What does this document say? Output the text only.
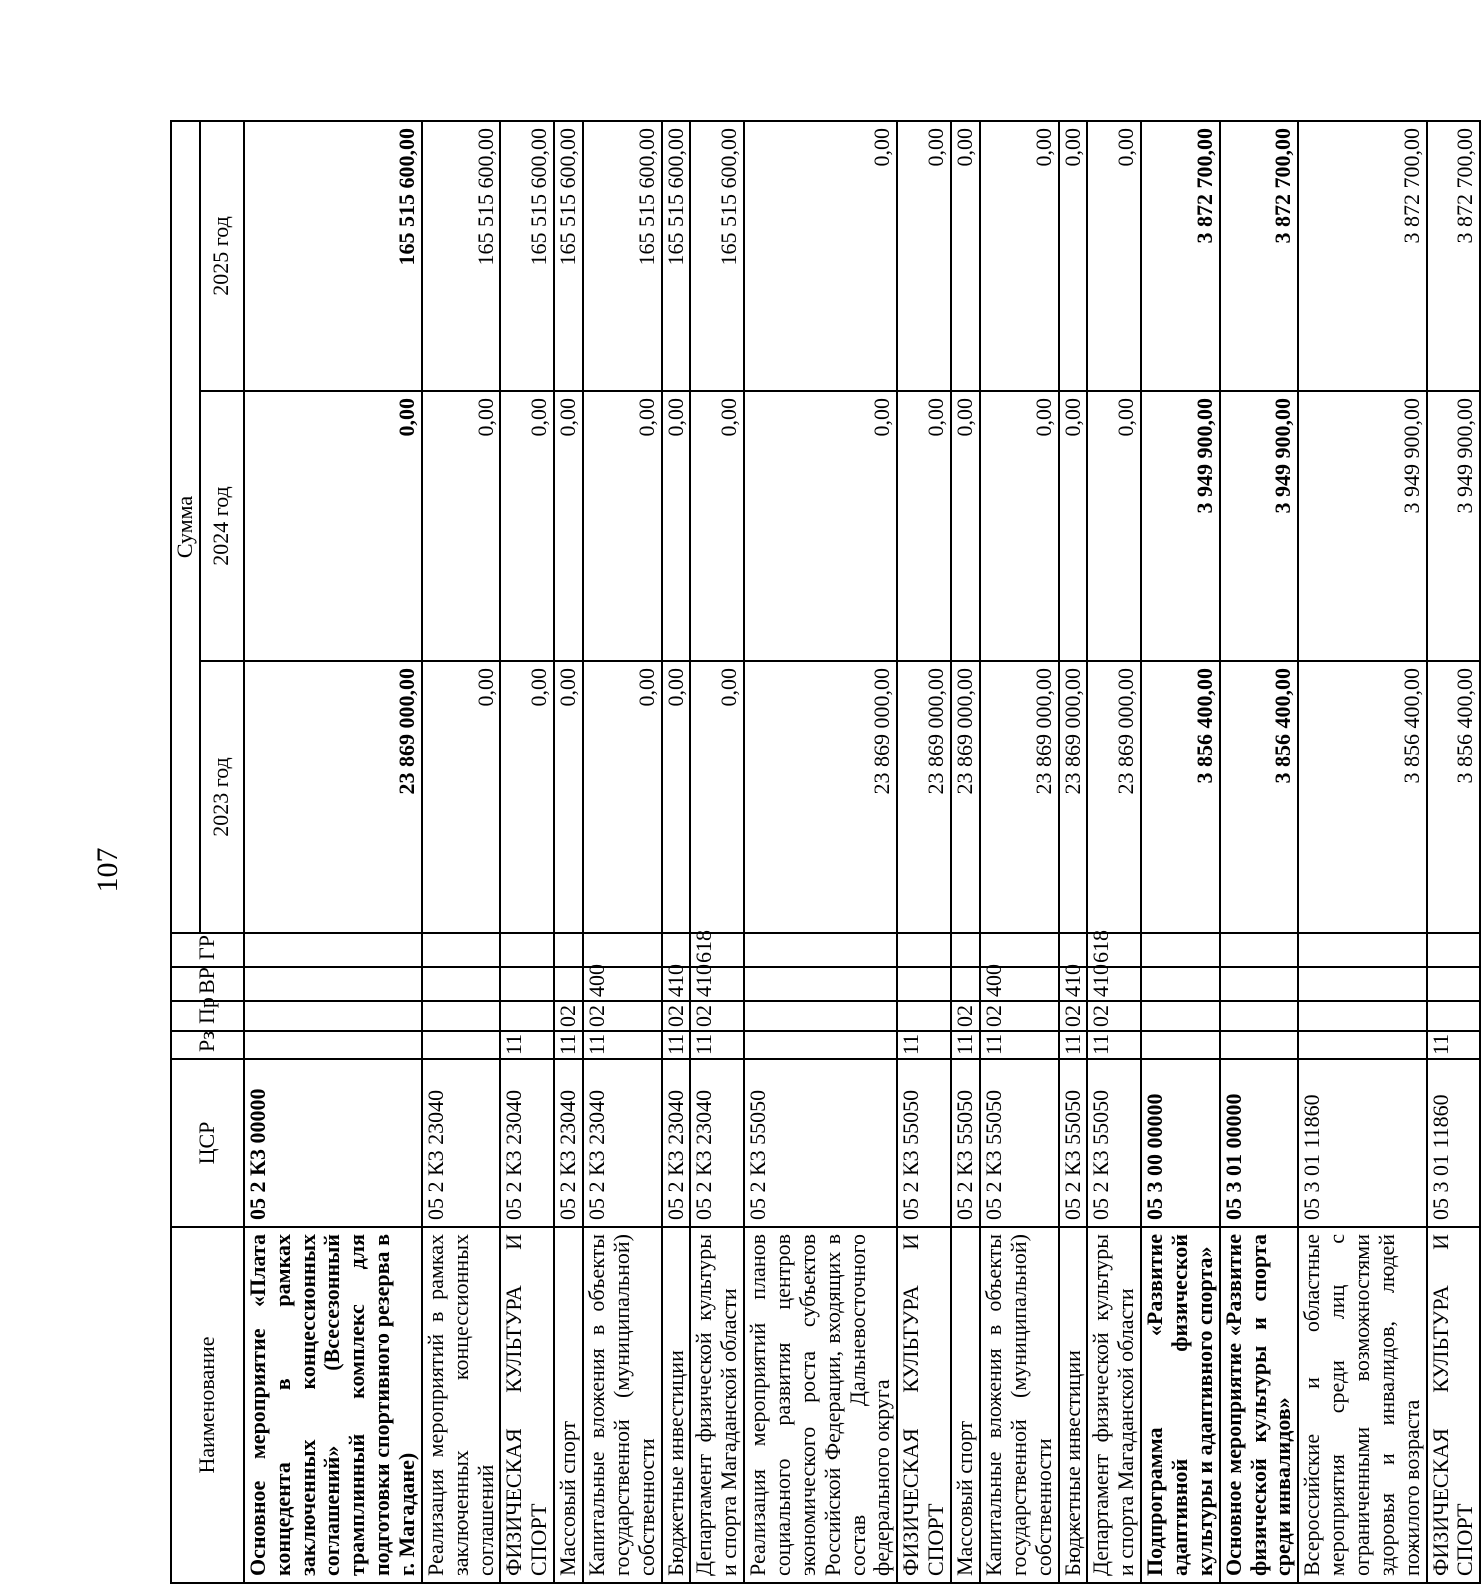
107
Наименование	ЦСР	Рз	Пр	ВР	ГР	Сумма		
						2023 год	2024 год	2025 год
Основное мероприятие «Плата концедента в рамках заключенных концессионных соглашений» (Всесезонный трамплинный комплекс для подготовки спортивного резерва в г. Магадане)	05 2 К3 00000					23 869 000,00	0,00	165 515 600,00
Реализация мероприятий в рамках заключенных концессионных соглашений	05 2 К3 23040					0,00	0,00	165 515 600,00
ФИЗИЧЕСКАЯ КУЛЬТУРА И СПОРТ	05 2 К3 23040	11				0,00	0,00	165 515 600,00
Массовый спорт	05 2 К3 23040	11	02			0,00	0,00	165 515 600,00
Капитальные вложения в объекты государственной (муниципальной) собственности	05 2 К3 23040	11	02	400		0,00	0,00	165 515 600,00
Бюджетные инвестиции	05 2 К3 23040	11	02	410		0,00	0,00	165 515 600,00
Департамент физической культуры и спорта Магаданской области	05 2 К3 23040	11	02	410	618	0,00	0,00	165 515 600,00
Реализация мероприятий планов социального развития центров экономического роста субъектов Российской Федерации, входящих в состав Дальневосточного федерального округа	05 2 К3 55050					23 869 000,00	0,00	0,00
ФИЗИЧЕСКАЯ КУЛЬТУРА И СПОРТ	05 2 К3 55050	11				23 869 000,00	0,00	0,00
Массовый спорт	05 2 К3 55050	11	02			23 869 000,00	0,00	0,00
Капитальные вложения в объекты государственной (муниципальной) собственности	05 2 К3 55050	11	02	400		23 869 000,00	0,00	0,00
Бюджетные инвестиции	05 2 К3 55050	11	02	410		23 869 000,00	0,00	0,00
Департамент физической культуры и спорта Магаданской области	05 2 К3 55050	11	02	410	618	23 869 000,00	0,00	0,00
Подпрограмма «Развитие адаптивной физической культуры и адаптивного спорта»	05 3 00 00000					3 856 400,00	3 949 900,00	3 872 700,00
Основное мероприятие «Развитие физической культуры и спорта среди инвалидов»	05 3 01 00000					3 856 400,00	3 949 900,00	3 872 700,00
Всероссийские и областные мероприятия среди лиц с ограниченными возможностями здоровья и инвалидов, людей пожилого возраста	05 3 01 11860					3 856 400,00	3 949 900,00	3 872 700,00
ФИЗИЧЕСКАЯ КУЛЬТУРА И СПОРТ	05 3 01 11860	11				3 856 400,00	3 949 900,00	3 872 700,00
